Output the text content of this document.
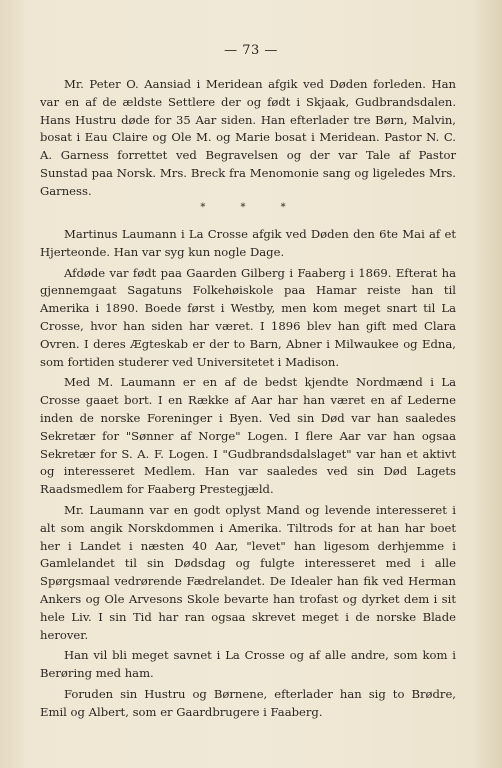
— 73 —

Mr. Peter O. Aansiad i Meridean afgik ved Døden forleden. Han var en af de ældste Settlere der og født i Skjaak, Gudbrandsdalen. Hans Hustru døde for 35 Aar siden. Han efterlader tre Børn, Malvin, bosat i Eau Claire og Ole M. og Marie bosat i Meridean. Pastor N. C. A. Garness forrettet ved Begravelsen og der var Tale af Pastor Sunstad paa Norsk. Mrs. Breck fra Menomonie sang og ligeledes Mrs. Garness.

* * *

Martinus Laumann i La Crosse afgik ved Døden den 6te Mai af et Hjerteonde. Han var syg kun nogle Dage.

Afdøde var født paa Gaarden Gilberg i Faaberg i 1869. Efterat ha gjennemgaat Sagatuns Folkehøiskole paa Hamar reiste han til Amerika i 1890. Boede først i Westby, men kom meget snart til La Crosse, hvor han siden har været. I 1896 blev han gift med Clara Ovren. I deres Ægteskab er der to Barn, Abner i Milwaukee og Edna, som fortiden studerer ved Universitetet i Madison.

Med M. Laumann er en af de bedst kjendte Nordmænd i La Crosse gaaet bort. I en Række af Aar har han været en af Lederne inden de norske Foreninger i Byen. Ved sin Død var han saaledes Sekretær for "Sønner af Norge" Logen. I flere Aar var han ogsaa Sekretær for S. A. F. Logen. I "Gudbrandsdalslaget" var han et aktivt og interesseret Medlem. Han var saaledes ved sin Død Lagets Raadsmedlem for Faaberg Prestegjæld.

Mr. Laumann var en godt oplyst Mand og levende interesseret i alt som angik Norskdommen i Amerika. Tiltrods for at han har boet her i Landet i næsten 40 Aar, "levet" han ligesom derhjemme i Gamlelandet til sin Dødsdag og fulgte interesseret med i alle Spørgsmaal vedrørende Fædrelandet. De Idealer han fik ved Herman Ankers og Ole Arvesons Skole bevarte han trofast og dyrket dem i sit hele Liv. I sin Tid har ran ogsaa skrevet meget i de norske Blade herover.

Han vil bli meget savnet i La Crosse og af alle andre, som kom i Berøring med ham.

Foruden sin Hustru og Børnene, efterlader han sig to Brødre, Emil og Albert, som er Gaardbrugere i Faaberg.
